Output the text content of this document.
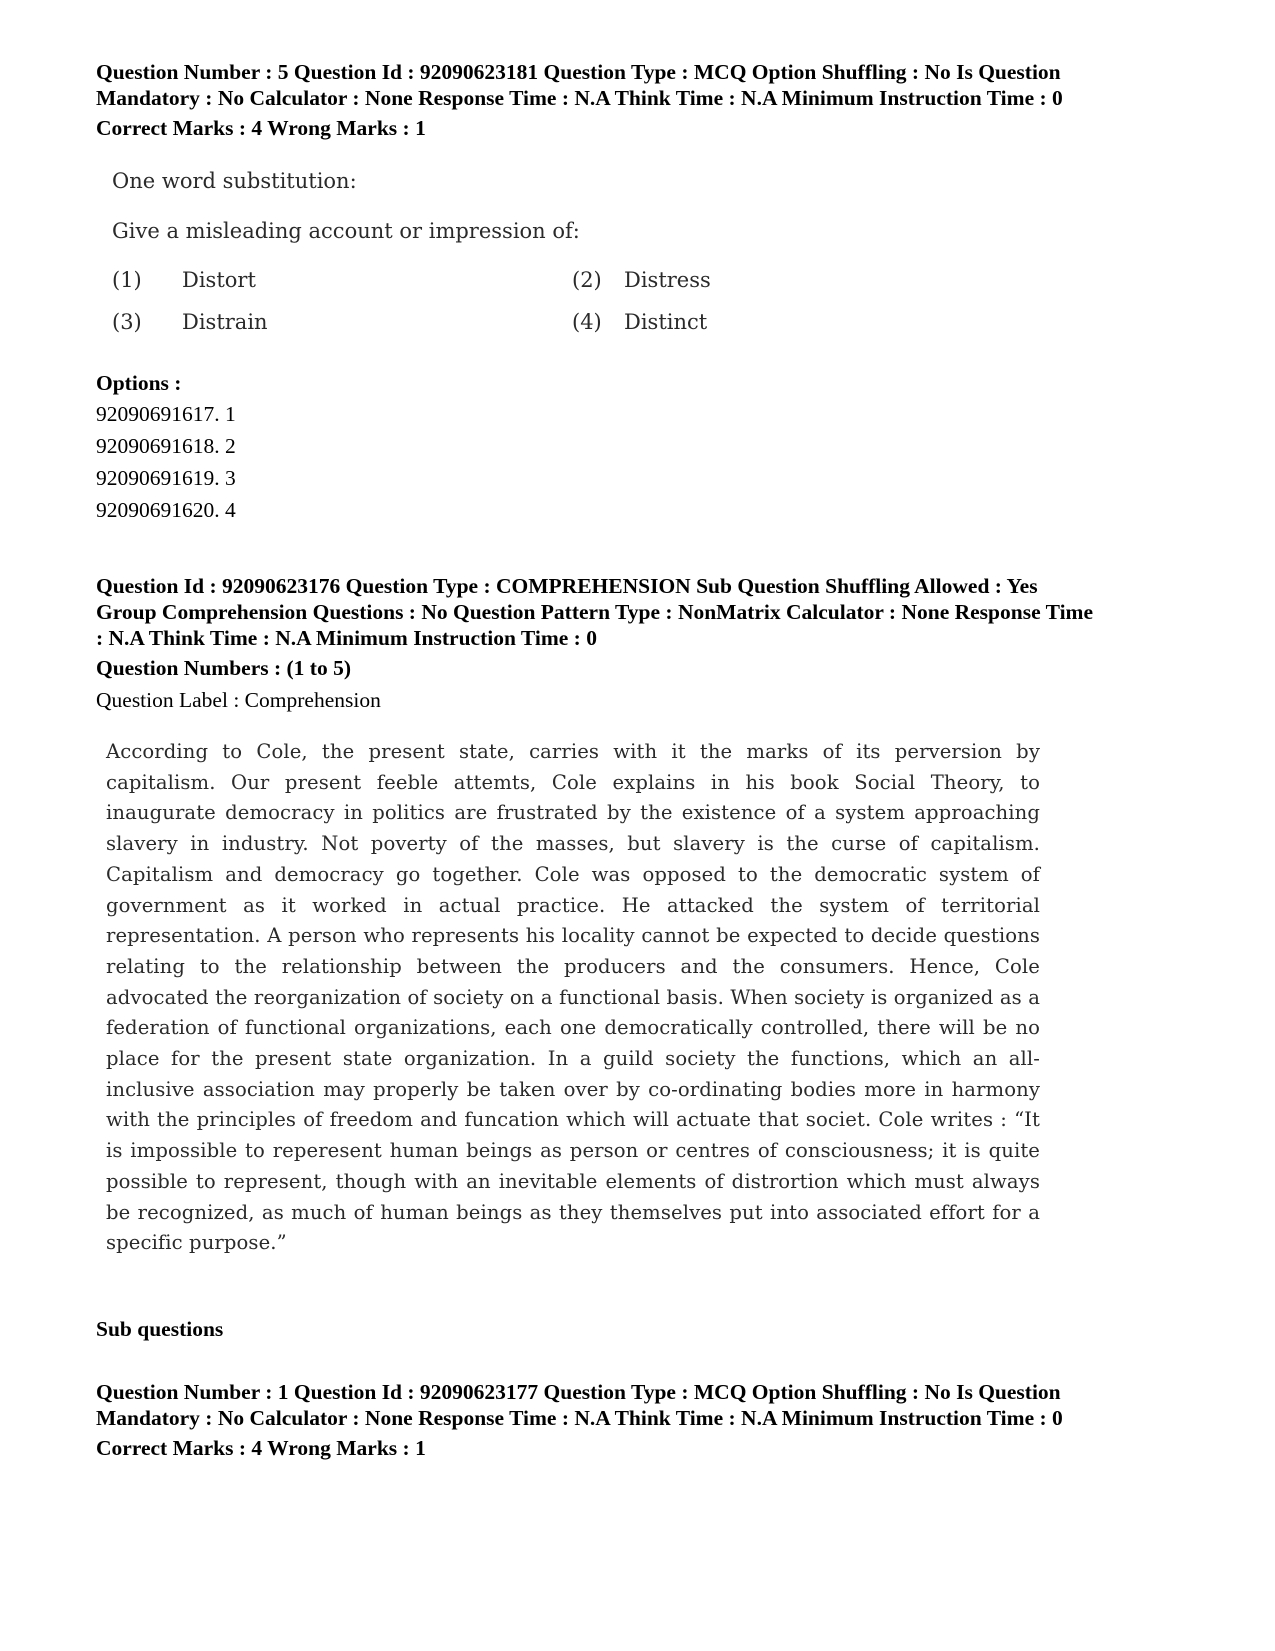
Question Number : 5 Question Id : 92090623181 Question Type : MCQ Option Shuffling : No Is Question
Mandatory : No Calculator : None Response Time : N.A Think Time : N.A Minimum Instruction Time : 0
Correct Marks : 4 Wrong Marks : 1

One word substitution:

Give a misleading account or impression of:

(1) Distort	(2) Distress
(3) Distrain	(4) Distinct
Options :
92090691617. 1
92090691618. 2
92090691619. 3
92090691620. 4
Question Id : 92090623176 Question Type : COMPREHENSION Sub Question Shuffling Allowed : Yes
Group Comprehension Questions : No Question Pattern Type : NonMatrix Calculator : None Response Time
: N.A Think Time : N.A Minimum Instruction Time : 0
Question Numbers : (1 to 5)
Question Label : Comprehension

According to Cole, the present state, carries with it the marks of its perversion by capitalism. Our present feeble attemts, Cole explains in his book Social Theory, to inaugurate democracy in politics are frustrated by the existence of a system approaching slavery in industry. Not poverty of the masses, but slavery is the curse of capitalism. Capitalism and democracy go together. Cole was opposed to the democratic system of government as it worked in actual practice. He attacked the system of territorial representation. A person who represents his locality cannot be expected to decide questions relating to the relationship between the producers and the consumers. Hence, Cole advocated the reorganization of society on a functional basis. When society is organized as a federation of functional organizations, each one democratically controlled, there will be no place for the present state organization. In a guild society the functions, which an all- inclusive association may properly be taken over by co-ordinating bodies more in harmony with the principles of freedom and funcation which will actuate that societ. Cole writes : “It is impossible to reperesent human beings as person or centres of consciousness; it is quite possible to represent, though with an inevitable elements of distrortion which must always be recognized, as much of human beings as they themselves put into associated effort for a specific purpose.”

Sub questions
Question Number : 1 Question Id : 92090623177 Question Type : MCQ Option Shuffling : No Is Question
Mandatory : No Calculator : None Response Time : N.A Think Time : N.A Minimum Instruction Time : 0
Correct Marks : 4 Wrong Marks : 1
